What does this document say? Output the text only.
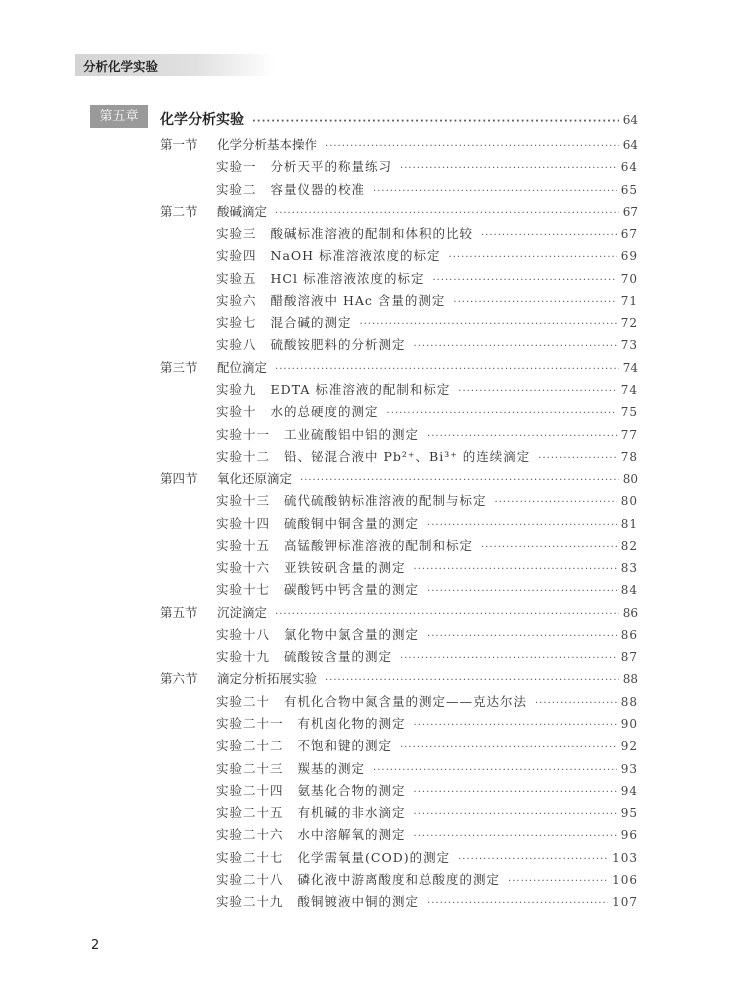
分析化学实验
第五章	化学分析实验 ·····	64
第一节	化学分析基本操作 ·····	64
实验一 分析天平的称量练习 ·····	64
实验二 容量仪器的校准 ·····	65
第二节	酸碱滴定 ·····	67
实验三 酸碱标准溶液的配制和体积的比较 ·····	67
实验四 NaOH 标准溶液浓度的标定 ·····	69
实验五 HCl 标准溶液浓度的标定 ·····	70
实验六 醋酸溶液中 HAc 含量的测定 ·····	71
实验七 混合碱的测定 ·····	72
实验八 硫酸铵肥料的分析测定 ·····	73
第三节	配位滴定 ·····	74
实验九 EDTA 标准溶液的配制和标定 ·····	74
实验十 水的总硬度的测定 ·····	75
实验十一 工业硫酸铝中铝的测定 ·····	77
实验十二 铅、铋混合液中 Pb²⁺、Bi³⁺ 的连续滴定 ·····	78
第四节	氧化还原滴定 ·····	80
实验十三 硫代硫酸钠标准溶液的配制与标定 ·····	80
实验十四 硫酸铜中铜含量的测定 ·····	81
实验十五 高锰酸钾标准溶液的配制和标定 ·····	82
实验十六 亚铁铵矾含量的测定 ·····	83
实验十七 碳酸钙中钙含量的测定 ·····	84
第五节	沉淀滴定 ·····	86
实验十八 氯化物中氯含量的测定 ·····	86
实验十九 硫酸铵含量的测定 ·····	87
第六节	滴定分析拓展实验 ·····	88
实验二十 有机化合物中氮含量的测定——克达尔法 ·····	88
实验二十一 有机卤化物的测定 ·····	90
实验二十二 不饱和键的测定 ·····	92
实验二十三 羰基的测定 ·····	93
实验二十四 氨基化合物的测定 ·····	94
实验二十五 有机碱的非水滴定 ·····	95
实验二十六 水中溶解氧的测定 ·····	96
实验二十七 化学需氧量(COD)的测定 ·····	103
实验二十八 磷化液中游离酸度和总酸度的测定 ·····	106
实验二十九 酸铜镀液中铜的测定 ·····	107
2
